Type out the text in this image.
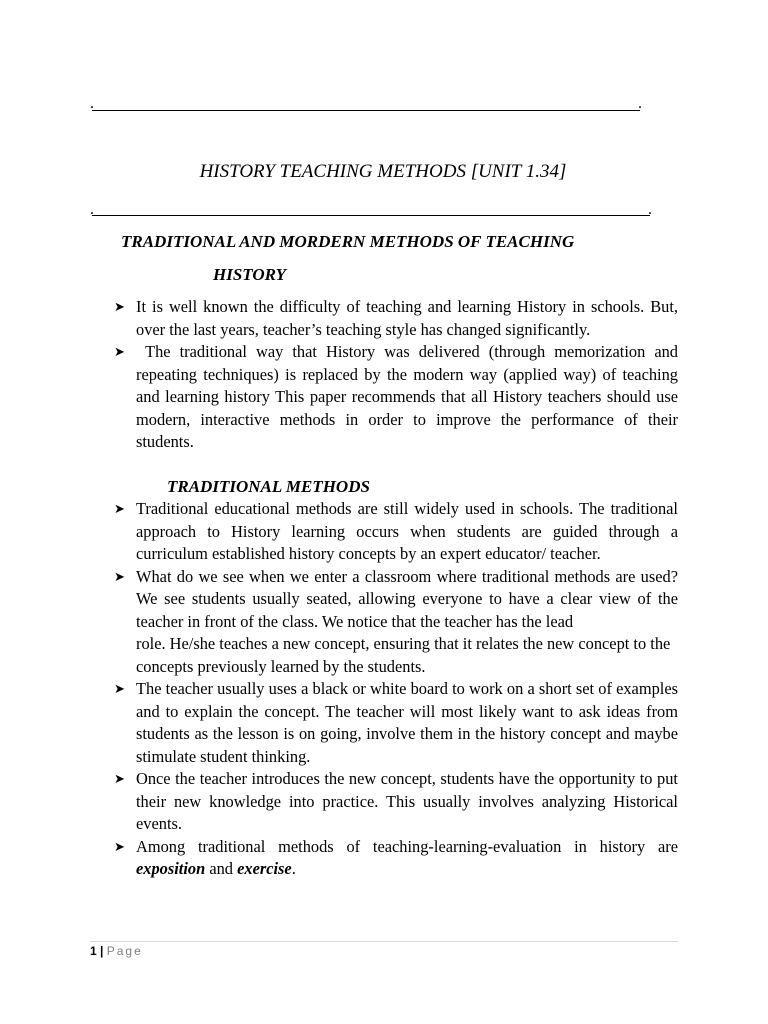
.	.
HISTORY TEACHING METHODS [UNIT 1.34]
.	.
TRADITIONAL AND MORDERN METHODS OF TEACHING
HISTORY
➤ It is well known the difficulty of teaching and learning History in schools. But, over the last years, teacher’s teaching style has changed significantly.
➤ The traditional way that History was delivered (through memorization and repeating techniques) is replaced by the modern way (applied way) of teaching and learning history This paper recommends that all History teachers should use modern, interactive methods in order to improve the performance of their students.
TRADITIONAL METHODS
➤ Traditional educational methods are still widely used in schools. The traditional approach to History learning occurs when students are guided through a curriculum established history concepts by an expert educator/ teacher.
➤ What do we see when we enter a classroom where traditional methods are used? We see students usually seated, allowing everyone to have a clear view of the teacher in front of the class. We notice that the teacher has the lead
role. He/she teaches a new concept, ensuring that it relates the new concept to the concepts previously learned by the students.
➤ The teacher usually uses a black or white board to work on a short set of examples and to explain the concept. The teacher will most likely want to ask ideas from students as the lesson is on going, involve them in the history concept and maybe stimulate student thinking.
➤ Once the teacher introduces the new concept, students have the opportunity to put their new knowledge into practice. This usually involves analyzing Historical events.
➤ Among traditional methods of teaching-learning-evaluation in history are exposition and exercise.
1 | Page
